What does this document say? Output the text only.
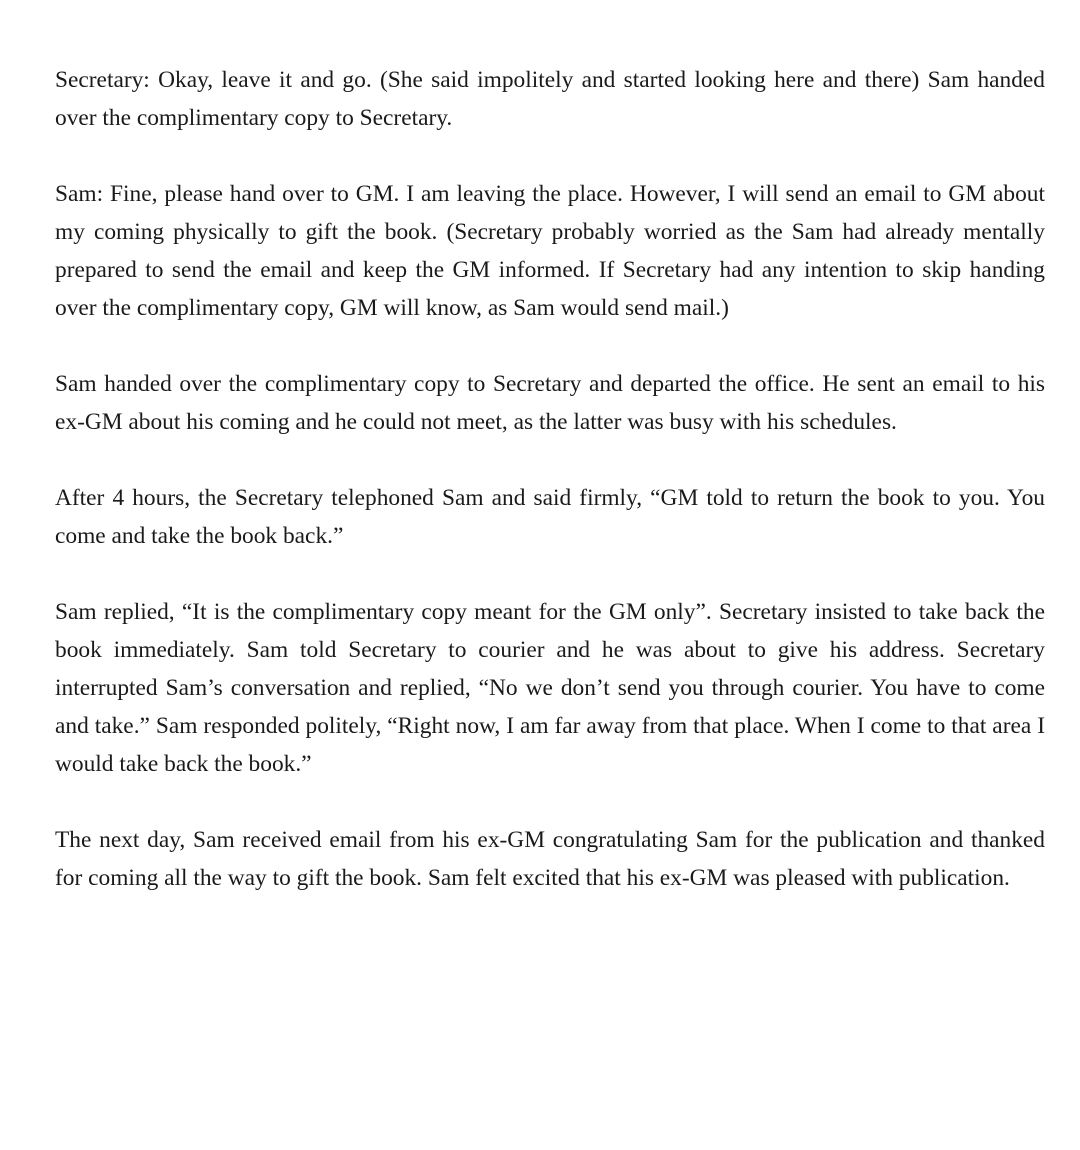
Secretary: Okay, leave it and go. (She said impolitely and started looking here and there) Sam handed over the complimentary copy to Secretary.

Sam: Fine, please hand over to GM. I am leaving the place. However, I will send an email to GM about my coming physically to gift the book. (Secretary probably worried as the Sam had already mentally prepared to send the email and keep the GM informed. If Secretary had any intention to skip handing over the complimentary copy, GM will know, as Sam would send mail.)

Sam handed over the complimentary copy to Secretary and departed the office. He sent an email to his ex-GM about his coming and he could not meet, as the latter was busy with his schedules.

After 4 hours, the Secretary telephoned Sam and said firmly, “GM told to return the book to you. You come and take the book back.”

Sam replied, “It is the complimentary copy meant for the GM only”. Secretary insisted to take back the book immediately. Sam told Secretary to courier and he was about to give his address. Secretary interrupted Sam’s conversation and replied, “No we don’t send you through courier. You have to come and take.” Sam responded politely, “Right now, I am far away from that place. When I come to that area I would take back the book.”

The next day, Sam received email from his ex-GM congratulating Sam for the publication and thanked for coming all the way to gift the book. Sam felt excited that his ex-GM was pleased with publication.
